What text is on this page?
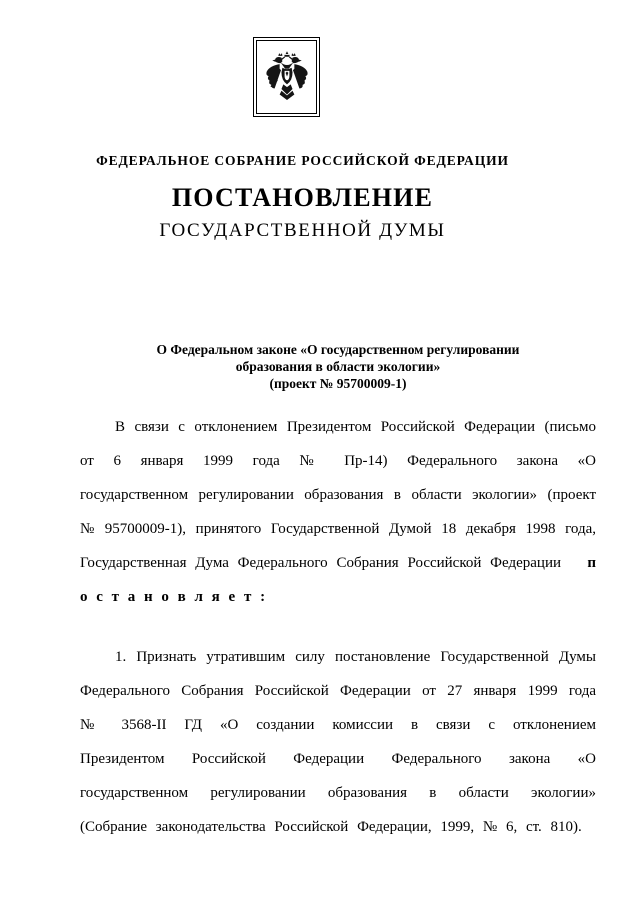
ФЕДЕРАЛЬНОЕ СОБРАНИЕ РОССИЙСКОЙ ФЕДЕРАЦИИ
ПОСТАНОВЛЕНИЕ
ГОСУДАРСТВЕННОЙ ДУМЫ
О Федеральном законе «О государственном регулировании
образования в области экологии»
(проект № 95700009-1)

В связи с отклонением Президентом Российской Федерации (письмо от 6 января 1999 года № Пр-14) Федерального закона «О государственном регулировании образования в области экологии» (проект № 95700009-1), принятого Государственной Думой 18 декабря 1998 года, Государственная Дума Федерального Собрания Российской Федерации п о с т а н о в л я е т :

1. Признать утратившим силу постановление Государственной Думы Федерального Собрания Российской Федерации от 27 января 1999 года № 3568-II ГД «О создании комиссии в связи с отклонением Президентом Российской Федерации Федерального закона «О государственном регулировании образования в области экологии» (Собрание законодательства Российской Федерации, 1999, № 6, ст. 810).
